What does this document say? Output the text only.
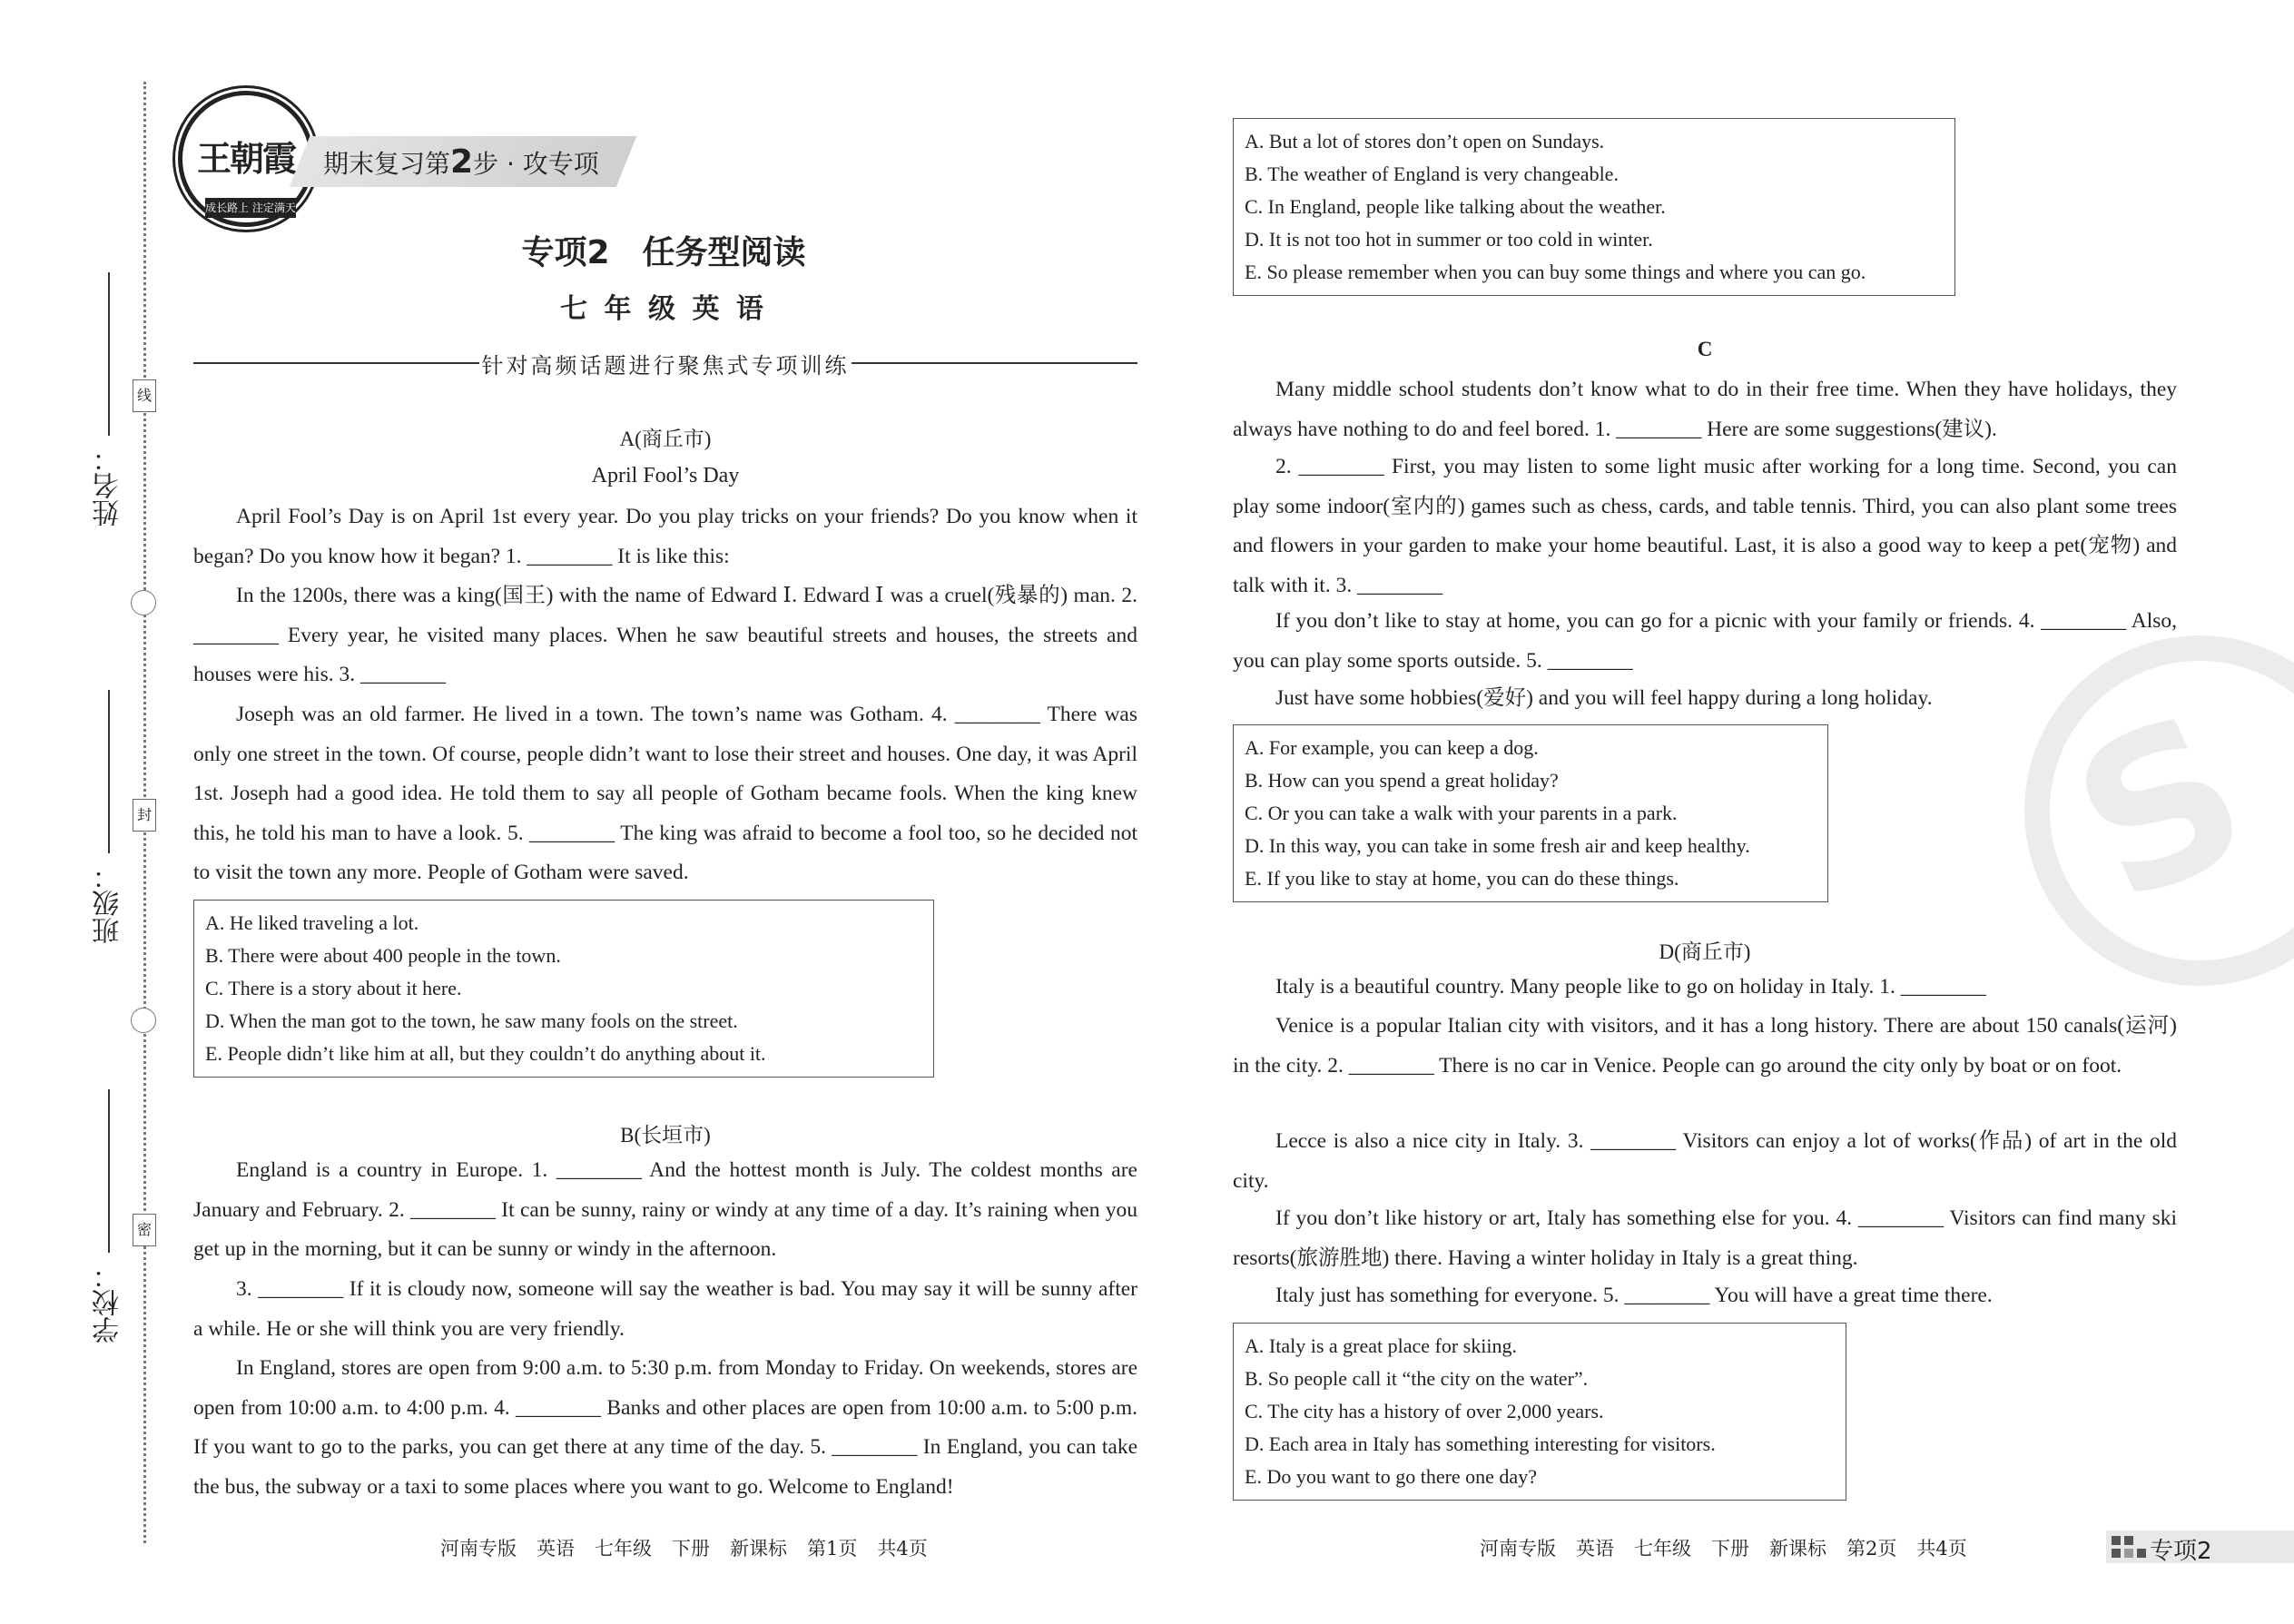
姓名：
班级：
学校：
线
封
密
王朝霞
成长路上 注定满天
期末复习第2步 · 攻专项
专项2　任务型阅读
七 年 级 英 语
针对高频话题进行聚焦式专项训练
A(商丘市)
April Fool’s Day
April Fool’s Day is on April 1st every year. Do you play tricks on your friends? Do you know when it began? Do you know how it began? 1. ________ It is like this:
In the 1200s, there was a king(国王) with the name of Edward Ⅰ. Edward Ⅰ was a cruel(残暴的) man. 2. ________ Every year, he visited many places. When he saw beautiful streets and houses, the streets and houses were his. 3. ________
Joseph was an old farmer. He lived in a town. The town’s name was Gotham. 4. ________ There was only one street in the town. Of course, people didn’t want to lose their street and houses. One day, it was April 1st. Joseph had a good idea. He told them to say all people of Gotham became fools. When the king knew this, he told his man to have a look. 5. ________ The king was afraid to become a fool too, so he decided not to visit the town any more. People of Gotham were saved.
A. He liked traveling a lot.
B. There were about 400 people in the town.
C. There is a story about it here.
D. When the man got to the town, he saw many fools on the street.
E. People didn’t like him at all, but they couldn’t do anything about it.
B(长垣市)
England is a country in Europe. 1. ________ And the hottest month is July. The coldest months are January and February. 2. ________ It can be sunny, rainy or windy at any time of a day. It’s raining when you get up in the morning, but it can be sunny or windy in the afternoon.
3. ________ If it is cloudy now, someone will say the weather is bad. You may say it will be sunny after a while. He or she will think you are very friendly.
In England, stores are open from 9:00 a.m. to 5:30 p.m. from Monday to Friday. On weekends, stores are open from 10:00 a.m. to 4:00 p.m. 4. ________ Banks and other places are open from 10:00 a.m. to 5:00 p.m. If you want to go to the parks, you can get there at any time of the day. 5. ________ In England, you can take the bus, the subway or a taxi to some places where you want to go. Welcome to England!
A. But a lot of stores don’t open on Sundays.
B. The weather of England is very changeable.
C. In England, people like talking about the weather.
D. It is not too hot in summer or too cold in winter.
E. So please remember when you can buy some things and where you can go.
C
Many middle school students don’t know what to do in their free time. When they have holidays, they always have nothing to do and feel bored. 1. ________ Here are some suggestions(建议).
2. ________ First, you may listen to some light music after working for a long time. Second, you can play some indoor(室内的) games such as chess, cards, and table tennis. Third, you can also plant some trees and flowers in your garden to make your home beautiful. Last, it is also a good way to keep a pet(宠物) and talk with it. 3. ________
If you don’t like to stay at home, you can go for a picnic with your family or friends. 4. ________ Also, you can play some sports outside. 5. ________
Just have some hobbies(爱好) and you will feel happy during a long holiday.
A. For example, you can keep a dog.
B. How can you spend a great holiday?
C. Or you can take a walk with your parents in a park.
D. In this way, you can take in some fresh air and keep healthy.
E. If you like to stay at home, you can do these things.
D(商丘市)
Italy is a beautiful country. Many people like to go on holiday in Italy. 1. ________
Venice is a popular Italian city with visitors, and it has a long history. There are about 150 canals(运河) in the city. 2. ________ There is no car in Venice. People can go around the city only by boat or on foot.
Lecce is also a nice city in Italy. 3. ________ Visitors can enjoy a lot of works(作品) of art in the old city.
If you don’t like history or art, Italy has something else for you. 4. ________ Visitors can find many ski resorts(旅游胜地) there. Having a winter holiday in Italy is a great thing.
Italy just has something for everyone. 5. ________ You will have a great time there.
A. Italy is a great place for skiing.
B. So people call it “the city on the water”.
C. The city has a history of over 2,000 years.
D. Each area in Italy has something interesting for visitors.
E. Do you want to go there one day?
S
河南专版 英语 七年级 下册 新课标 第1页 共4页	河南专版 英语 七年级 下册 新课标 第2页 共4页	专项2
